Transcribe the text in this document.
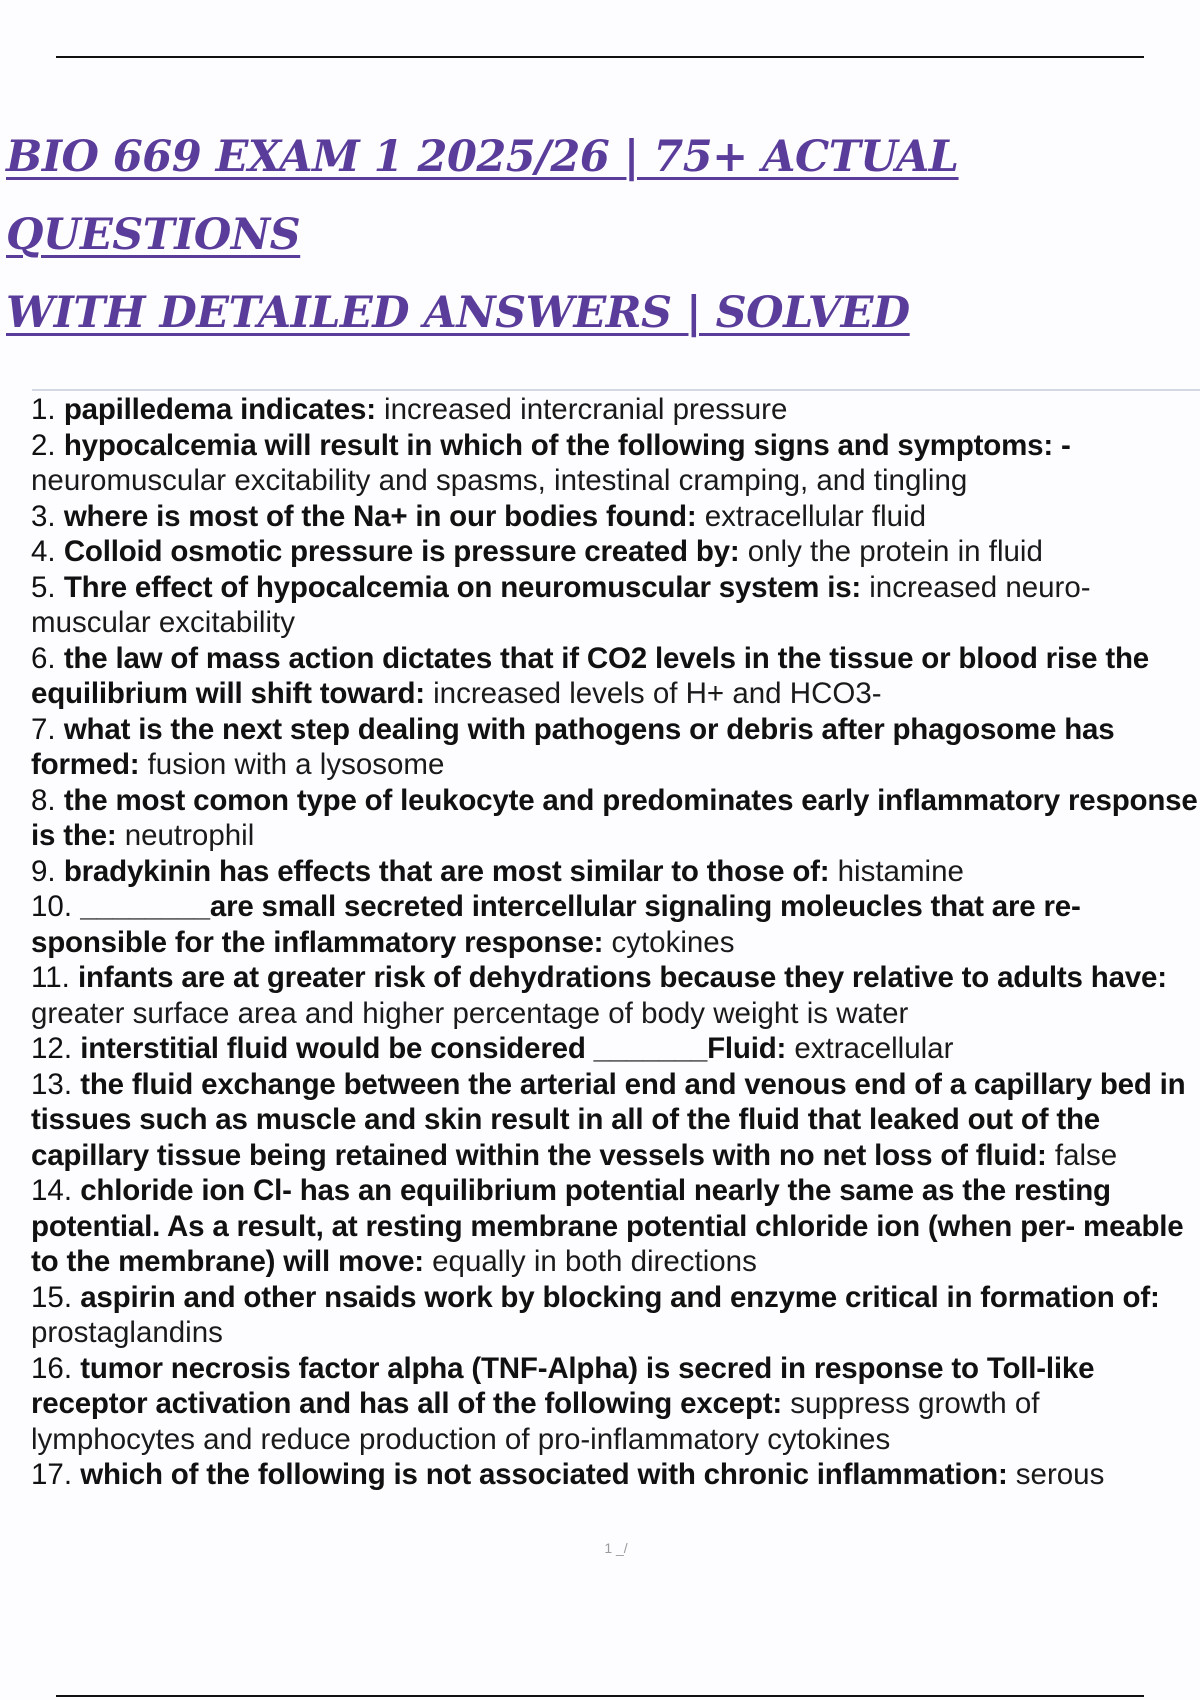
BIO 669 EXAM 1 2025/26 | 75+ ACTUAL QUESTIONS
WITH DETAILED ANSWERS | SOLVED
1. papilledema indicates: increased intercranial pressure
2. hypocalcemia will result in which of the following signs and symptoms: - neuromuscular excitability and spasms, intestinal cramping, and tingling
3. where is most of the Na+ in our bodies found: extracellular fluid
4. Colloid osmotic pressure is pressure created by: only the protein in fluid
5. Thre effect of hypocalcemia on neuromuscular system is: increased neuro- muscular excitability
6. the law of mass action dictates that if CO2 levels in the tissue or blood rise the equilibrium will shift toward: increased levels of H+ and HCO3-
7. what is the next step dealing with pathogens or debris after phagosome has formed: fusion with a lysosome
8. the most comon type of leukocyte and predominates early inflammatory response is the: neutrophil
9. bradykinin has effects that are most similar to those of: histamine
10. ________are small secreted intercellular signaling moleucles that are re- sponsible for the inflammatory response: cytokines
11. infants are at greater risk of dehydrations because they relative to adults have: greater surface area and higher percentage of body weight is water
12. interstitial fluid would be considered _______Fluid: extracellular
13. the fluid exchange between the arterial end and venous end of a capillary bed in tissues such as muscle and skin result in all of the fluid that leaked out of the capillary tissue being retained within the vessels with no net loss of fluid: false
14. chloride ion Cl- has an equilibrium potential nearly the same as the resting potential. As a result, at resting membrane potential chloride ion (when per- meable to the membrane) will move: equally in both directions
15. aspirin and other nsaids work by blocking and enzyme critical in formation of: prostaglandins
16. tumor necrosis factor alpha (TNF-Alpha) is secred in response to Toll-like receptor activation and has all of the following except: suppress growth of lymphocytes and reduce production of pro-inflammatory cytokines
17. which of the following is not associated with chronic inflammation: serous
1 _/
